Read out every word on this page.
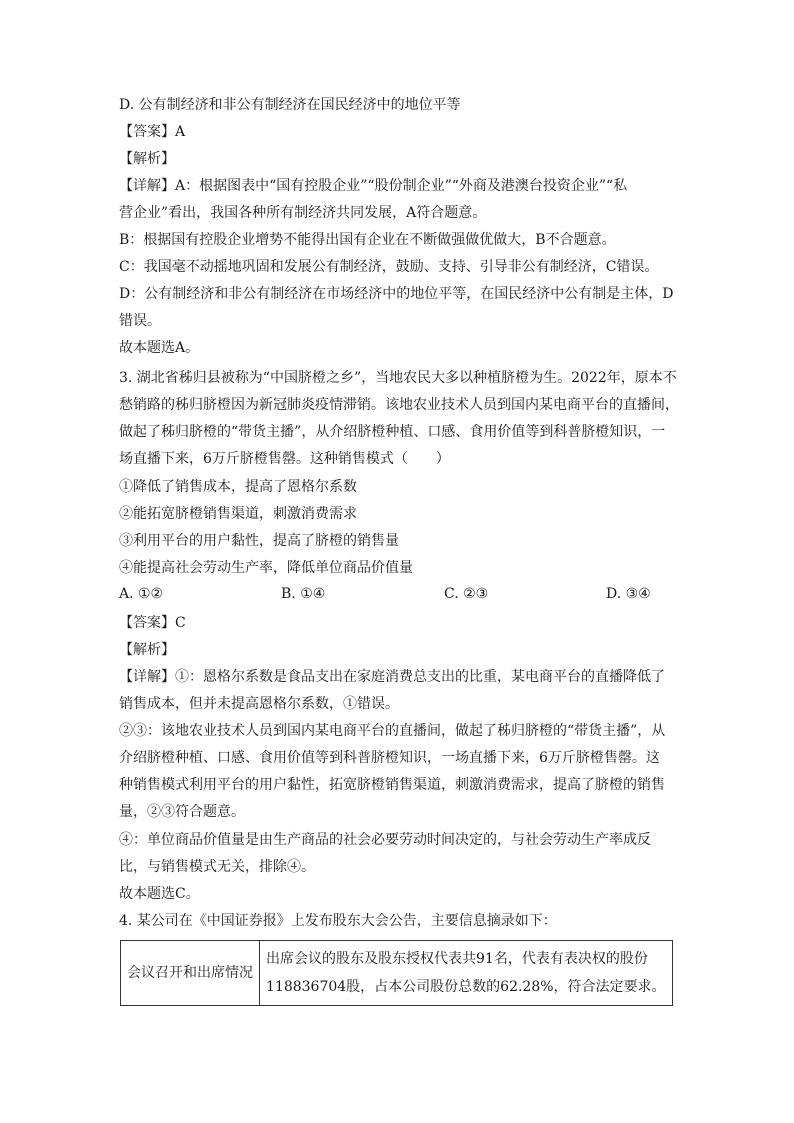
D. 公有制经济和非公有制经济在国民经济中的地位平等
【答案】A
【解析】
【详解】A：根据图表中“国有控股企业”“股份制企业”“外商及港澳台投资企业”“私
营企业”看出，我国各种所有制经济共同发展，A符合题意。
B：根据国有控股企业增势不能得出国有企业在不断做强做优做大，B不合题意。
C：我国毫不动摇地巩固和发展公有制经济，鼓励、支持、引导非公有制经济，C错误。
D：公有制经济和非公有制经济在市场经济中的地位平等，在国民经济中公有制是主体，D
错误。
故本题选A。
3. 湖北省秭归县被称为“中国脐橙之乡”，当地农民大多以种植脐橙为生。2022年，原本不
愁销路的秭归脐橙因为新冠肺炎疫情滞销。该地农业技术人员到国内某电商平台的直播间，
做起了秭归脐橙的“带货主播”，从介绍脐橙种植、口感、食用价值等到科普脐橙知识，一
场直播下来，6万斤脐橙售罄。这种销售模式（　　）
①降低了销售成本，提高了恩格尔系数
②能拓宽脐橙销售渠道，刺激消费需求
③利用平台的用户黏性，提高了脐橙的销售量
④能提高社会劳动生产率，降低单位商品价值量
A. ①②	B. ①④	C. ②③	D. ③④
【答案】C
【解析】
【详解】①：恩格尔系数是食品支出在家庭消费总支出的比重，某电商平台的直播降低了
销售成本，但并未提高恩格尔系数，①错误。
②③：该地农业技术人员到国内某电商平台的直播间，做起了秭归脐橙的“带货主播”，从
介绍脐橙种植、口感、食用价值等到科普脐橙知识，一场直播下来，6万斤脐橙售罄。这
种销售模式利用平台的用户黏性，拓宽脐橙销售渠道，刺激消费需求，提高了脐橙的销售
量，②③符合题意。
④：单位商品价值量是由生产商品的社会必要劳动时间决定的，与社会劳动生产率成反
比，与销售模式无关，排除④。
故本题选C。
4. 某公司在《中国证券报》上发布股东大会公告，主要信息摘录如下：
会议召开和出席情况	出席会议的股东及股东授权代表共91名，代表有表决权的股份118836704股，占本公司股份总数的62.28%，符合法定要求。
